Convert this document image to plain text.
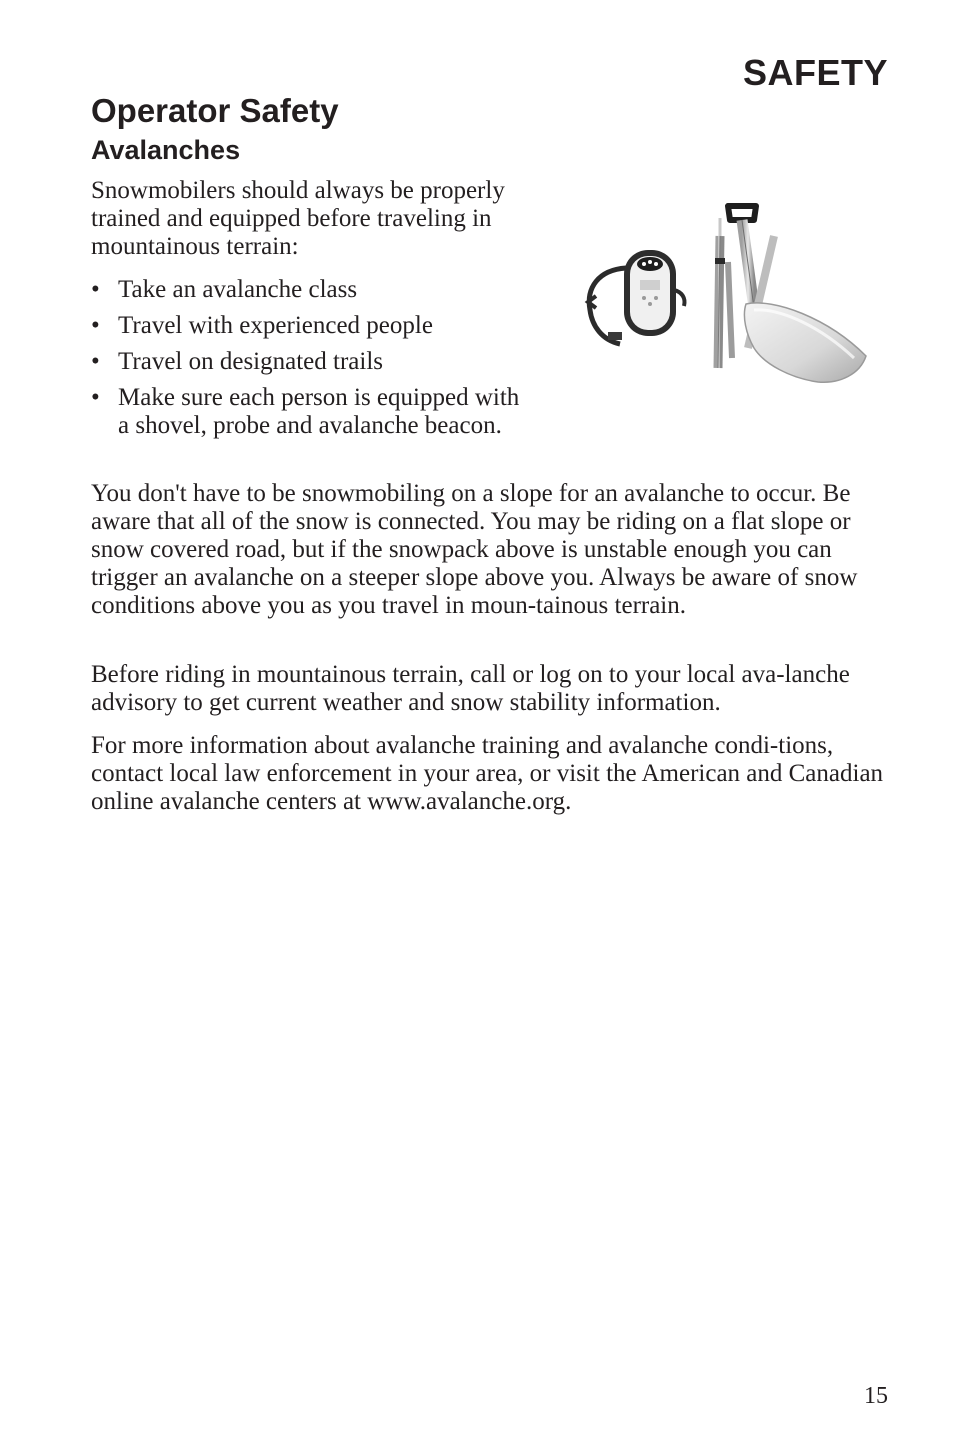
SAFETY
Operator Safety
Avalanches

Snowmobilers should always be properly trained and equipped before traveling in mountainous terrain:

• Take an avalanche class
• Travel with experienced people
• Travel on designated trails
• Make sure each person is equipped with a shovel, probe and avalanche beacon.

You don't have to be snowmobiling on a slope for an avalanche to occur. Be aware that all of the snow is connected. You may be riding on a flat slope or snow covered road, but if the snowpack above is unstable enough you can trigger an avalanche on a steeper slope above you. Always be aware of snow conditions above you as you travel in moun-tainous terrain.

Before riding in mountainous terrain, call or log on to your local ava-lanche advisory to get current weather and snow stability information.

For more information about avalanche training and avalanche condi-tions, contact local law enforcement in your area, or visit the American and Canadian online avalanche centers at www.avalanche.org.

15
